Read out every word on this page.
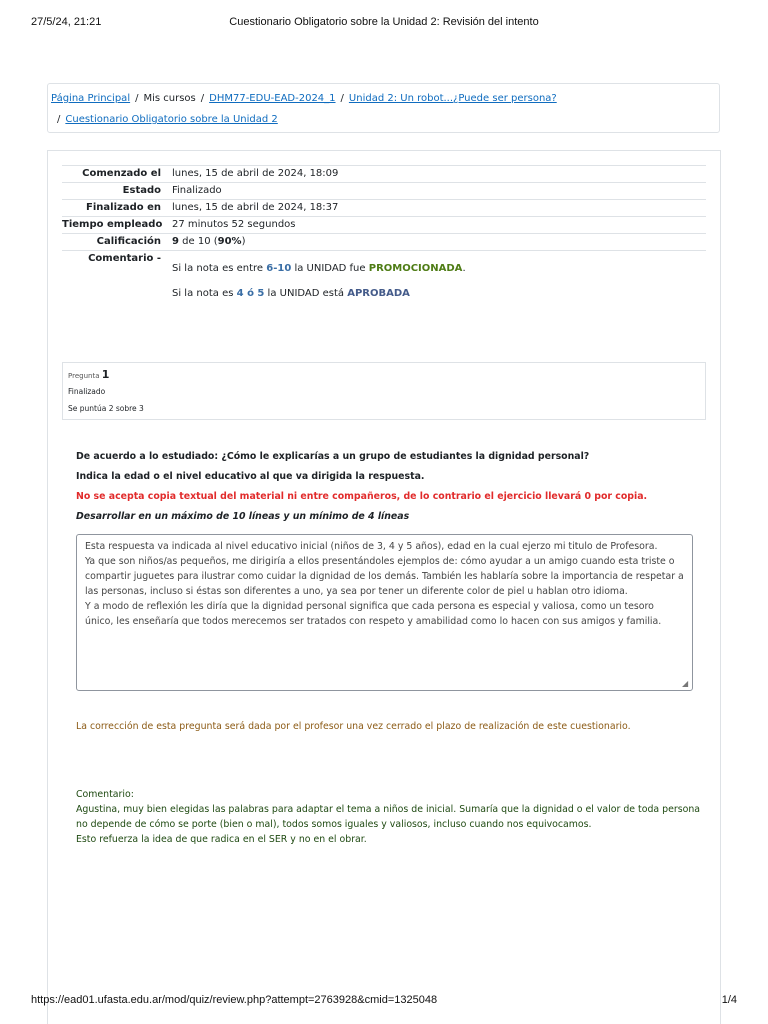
27/5/24, 21:21	Cuestionario Obligatorio sobre la Unidad 2: Revisión del intento
Página Principal / Mis cursos / DHM77-EDU-EAD-2024_1 / Unidad 2: Un robot...¿Puede ser persona?
/ Cuestionario Obligatorio sobre la Unidad 2
Comenzado el lunes, 15 de abril de 2024, 18:09
Estado Finalizado
Finalizado en lunes, 15 de abril de 2024, 18:37
Tiempo empleado 27 minutos 52 segundos
Calificación 9 de 10 (90%)
Comentario -
Si la nota es entre 6-10 la UNIDAD fue PROMOCIONADA.
Si la nota es 4 ó 5 la UNIDAD está APROBADA
Pregunta 1
Finalizado
Se puntúa 2 sobre 3
De acuerdo a lo estudiado: ¿Cómo le explicarías a un grupo de estudiantes la dignidad personal?
Indica la edad o el nivel educativo al que va dirigida la respuesta.
No se acepta copia textual del material ni entre compañeros, de lo contrario el ejercicio llevará 0 por copia.
Desarrollar en un máximo de 10 líneas y un mínimo de 4 líneas

Esta respuesta va indicada al nivel educativo inicial (niños de 3, 4 y 5 años), edad en la cual ejerzo mi titulo de Profesora.

Ya que son niños/as pequeños, me dirigiría a ellos presentándoles ejemplos de: cómo ayudar a un amigo cuando esta triste o compartir juguetes para ilustrar como cuidar la dignidad de los demás. También les hablaría sobre la importancia de respetar a las personas, incluso si éstas son diferentes a uno, ya sea por tener un diferente color de piel u hablan otro idioma.

Y a modo de reflexión les diría que la dignidad personal significa que cada persona es especial y valiosa, como un tesoro único, les enseñaría que todos merecemos ser tratados con respeto y amabilidad como lo hacen con sus amigos y familia.

◢
La corrección de esta pregunta será dada por el profesor una vez cerrado el plazo de realización de este cuestionario.
Comentario:
Agustina, muy bien elegidas las palabras para adaptar el tema a niños de inicial. Sumaría que la dignidad o el valor de toda persona
no depende de cómo se porte (bien o mal), todos somos iguales y valiosos, incluso cuando nos equivocamos.
Esto refuerza la idea de que radica en el SER y no en el obrar.
https://ead01.ufasta.edu.ar/mod/quiz/review.php?attempt=2763928&cmid=1325048	1/4
